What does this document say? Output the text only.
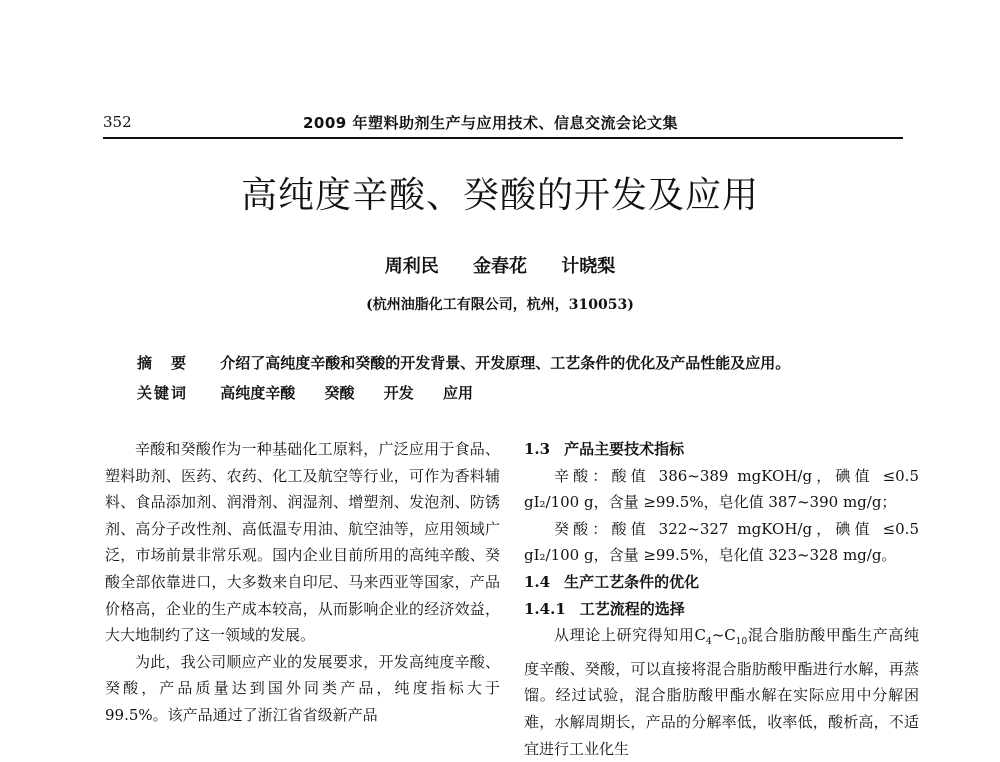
352	2009 年塑料助剂生产与应用技术、信息交流会论文集
高纯度辛酸、癸酸的开发及应用

周利民 金春花 计晓梨

(杭州油脂化工有限公司，杭州，310053)

摘　要 介绍了高纯度辛酸和癸酸的开发背景、开发原理、工艺条件的优化及产品性能及应用。
关键词 高纯度辛酸 癸酸 开发 应用

辛酸和癸酸作为一种基础化工原料，广泛应用于食品、塑料助剂、医药、农药、化工及航空等行业，可作为香料辅料、食品添加剂、润滑剂、润湿剂、增塑剂、发泡剂、防锈剂、高分子改性剂、高低温专用油、航空油等，应用领域广泛，市场前景非常乐观。国内企业目前所用的高纯辛酸、癸酸全部依靠进口，大多数来自印尼、马来西亚等国家，产品价格高，企业的生产成本较高，从而影响企业的经济效益，大大地制约了这一领域的发展。

为此，我公司顺应产业的发展要求，开发高纯度辛酸、癸酸，产品质量达到国外同类产品，纯度指标大于 99.5%。该产品通过了浙江省省级新产品

1.3 产品主要技术指标

辛酸：酸值 386~389 mgKOH/g，碘值 ≤0.5 gI₂/100 g，含量 ≥99.5%，皂化值 387~390 mg/g；

癸酸：酸值 322~327 mgKOH/g，碘值 ≤0.5 gI₂/100 g，含量 ≥99.5%，皂化值 323~328 mg/g。

1.4 生产工艺条件的优化
1.4.1 工艺流程的选择

从理论上研究得知用$C_4\sim C_{10}$混合脂肪酸甲酯生产高纯度辛酸、癸酸，可以直接将混合脂肪酸甲酯进行水解，再蒸馏。经过试验，混合脂肪酸甲酯水解在实际应用中分解困难，水解周期长，产品的分解率低，收率低，酸析高，不适宜进行工业化生
